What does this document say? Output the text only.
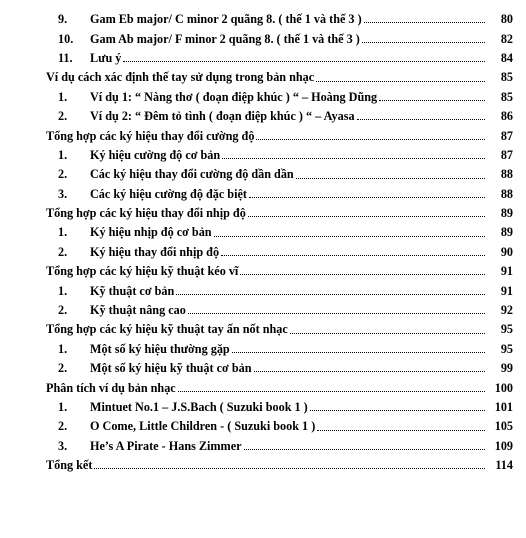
9.	Gam Eb major/ C minor 2 quãng 8. ( thế 1 và thế 3 )	80
10.	Gam Ab major/ F minor 2 quãng 8. ( thế 1 và thế 3 )	82
11.	Lưu ý	84
Ví dụ cách xác định thế tay sử dụng trong bản nhạc	85
1.	Ví dụ 1: “ Nàng thơ ( đoạn điệp khúc ) “ – Hoàng Dũng	85
2.	Ví dụ 2: “ Đêm tỏ tình ( đoạn điệp khúc ) “ – Ayasa	86
Tổng hợp các ký hiệu thay đổi cường độ	87
1.	Ký hiệu cường độ cơ bản	87
2.	Các ký hiệu thay đổi cường độ dần dần	88
3.	Các ký hiệu cường độ đặc biệt	88
Tổng hợp các ký hiệu thay đổi nhịp độ	89
1.	Ký hiệu nhịp độ cơ bản	89
2.	Ký hiệu thay đổi nhịp độ	90
Tổng hợp các ký hiệu kỹ thuật kéo vĩ	91
1.	Kỹ thuật cơ bản	91
2.	Kỹ thuật nâng cao	92
Tổng hợp các ký hiệu kỹ thuật tay ấn nốt nhạc	95
1.	Một số ký hiệu thường gặp	95
2.	Một số ký hiệu kỹ thuật cơ bản	99
Phân tích ví dụ bản nhạc	100
1.	Mintuet No.1 – J.S.Bach ( Suzuki book 1 )	101
2.	O Come, Little Children - ( Suzuki book 1 )	105
3.	He’s A Pirate - Hans Zimmer	109
Tổng kết	114
